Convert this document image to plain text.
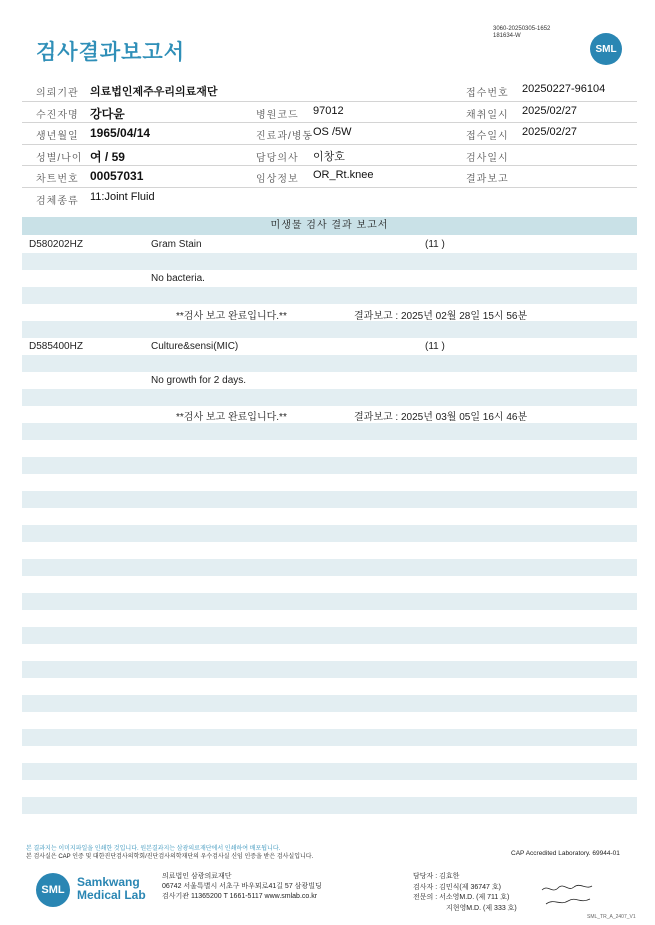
검사결과보고서
3060-20250305-1652
181634-W
SML
의뢰기관 의료법인제주우리의료재단	접수번호 20250227-96104
수진자명 강다윤	병원코드 97012	채취일시 2025/02/27
생년월일 1965/04/14	진료과/병동 OS /5W	접수일시 2025/02/27
성별/나이 여 / 59	담당의사 이창호	검사일시
차트번호 00057031	임상정보 OR_Rt.knee	결과보고
검체종류 11:Joint Fluid
미생물 검사 결과 보고서
D580202HZ	Gram Stain	(11 )
No bacteria.
**검사 보고 완료입니다.**	결과보고 : 2025년 02월 28일 15시 56분
D585400HZ	Culture&sensi(MIC)	(11 )
No growth for 2 days.
**검사 보고 완료입니다.**	결과보고 : 2025년 03월 05일 16시 46분
본 결과지는 이미지파일을 인쇄한 것입니다. 원본결과지는 삼광의료재단에서 인쇄하여 배포됩니다.
본 검사실은 CAP 인증 및 대한진단검사의학회/진단검사의학재단의 우수검사실 신임 인증을 받은 검사실입니다.	CAP Accredited Laboratory. 69944-01
SML
Samkwang
Medical Lab
의료법인 삼광의료재단
06742 서울특별시 서초구 바우뫼로41길 57 삼광빌딩
검사기관 11365200 T 1661-5117 www.smlab.co.kr
담당자 : 김효한
검사자 : 김민식(제 36747 호)
전문의 : 서소영M.D. (제 711 호)
지현영M.D. (제 333 호)
SML_TR_A_2407_V1
